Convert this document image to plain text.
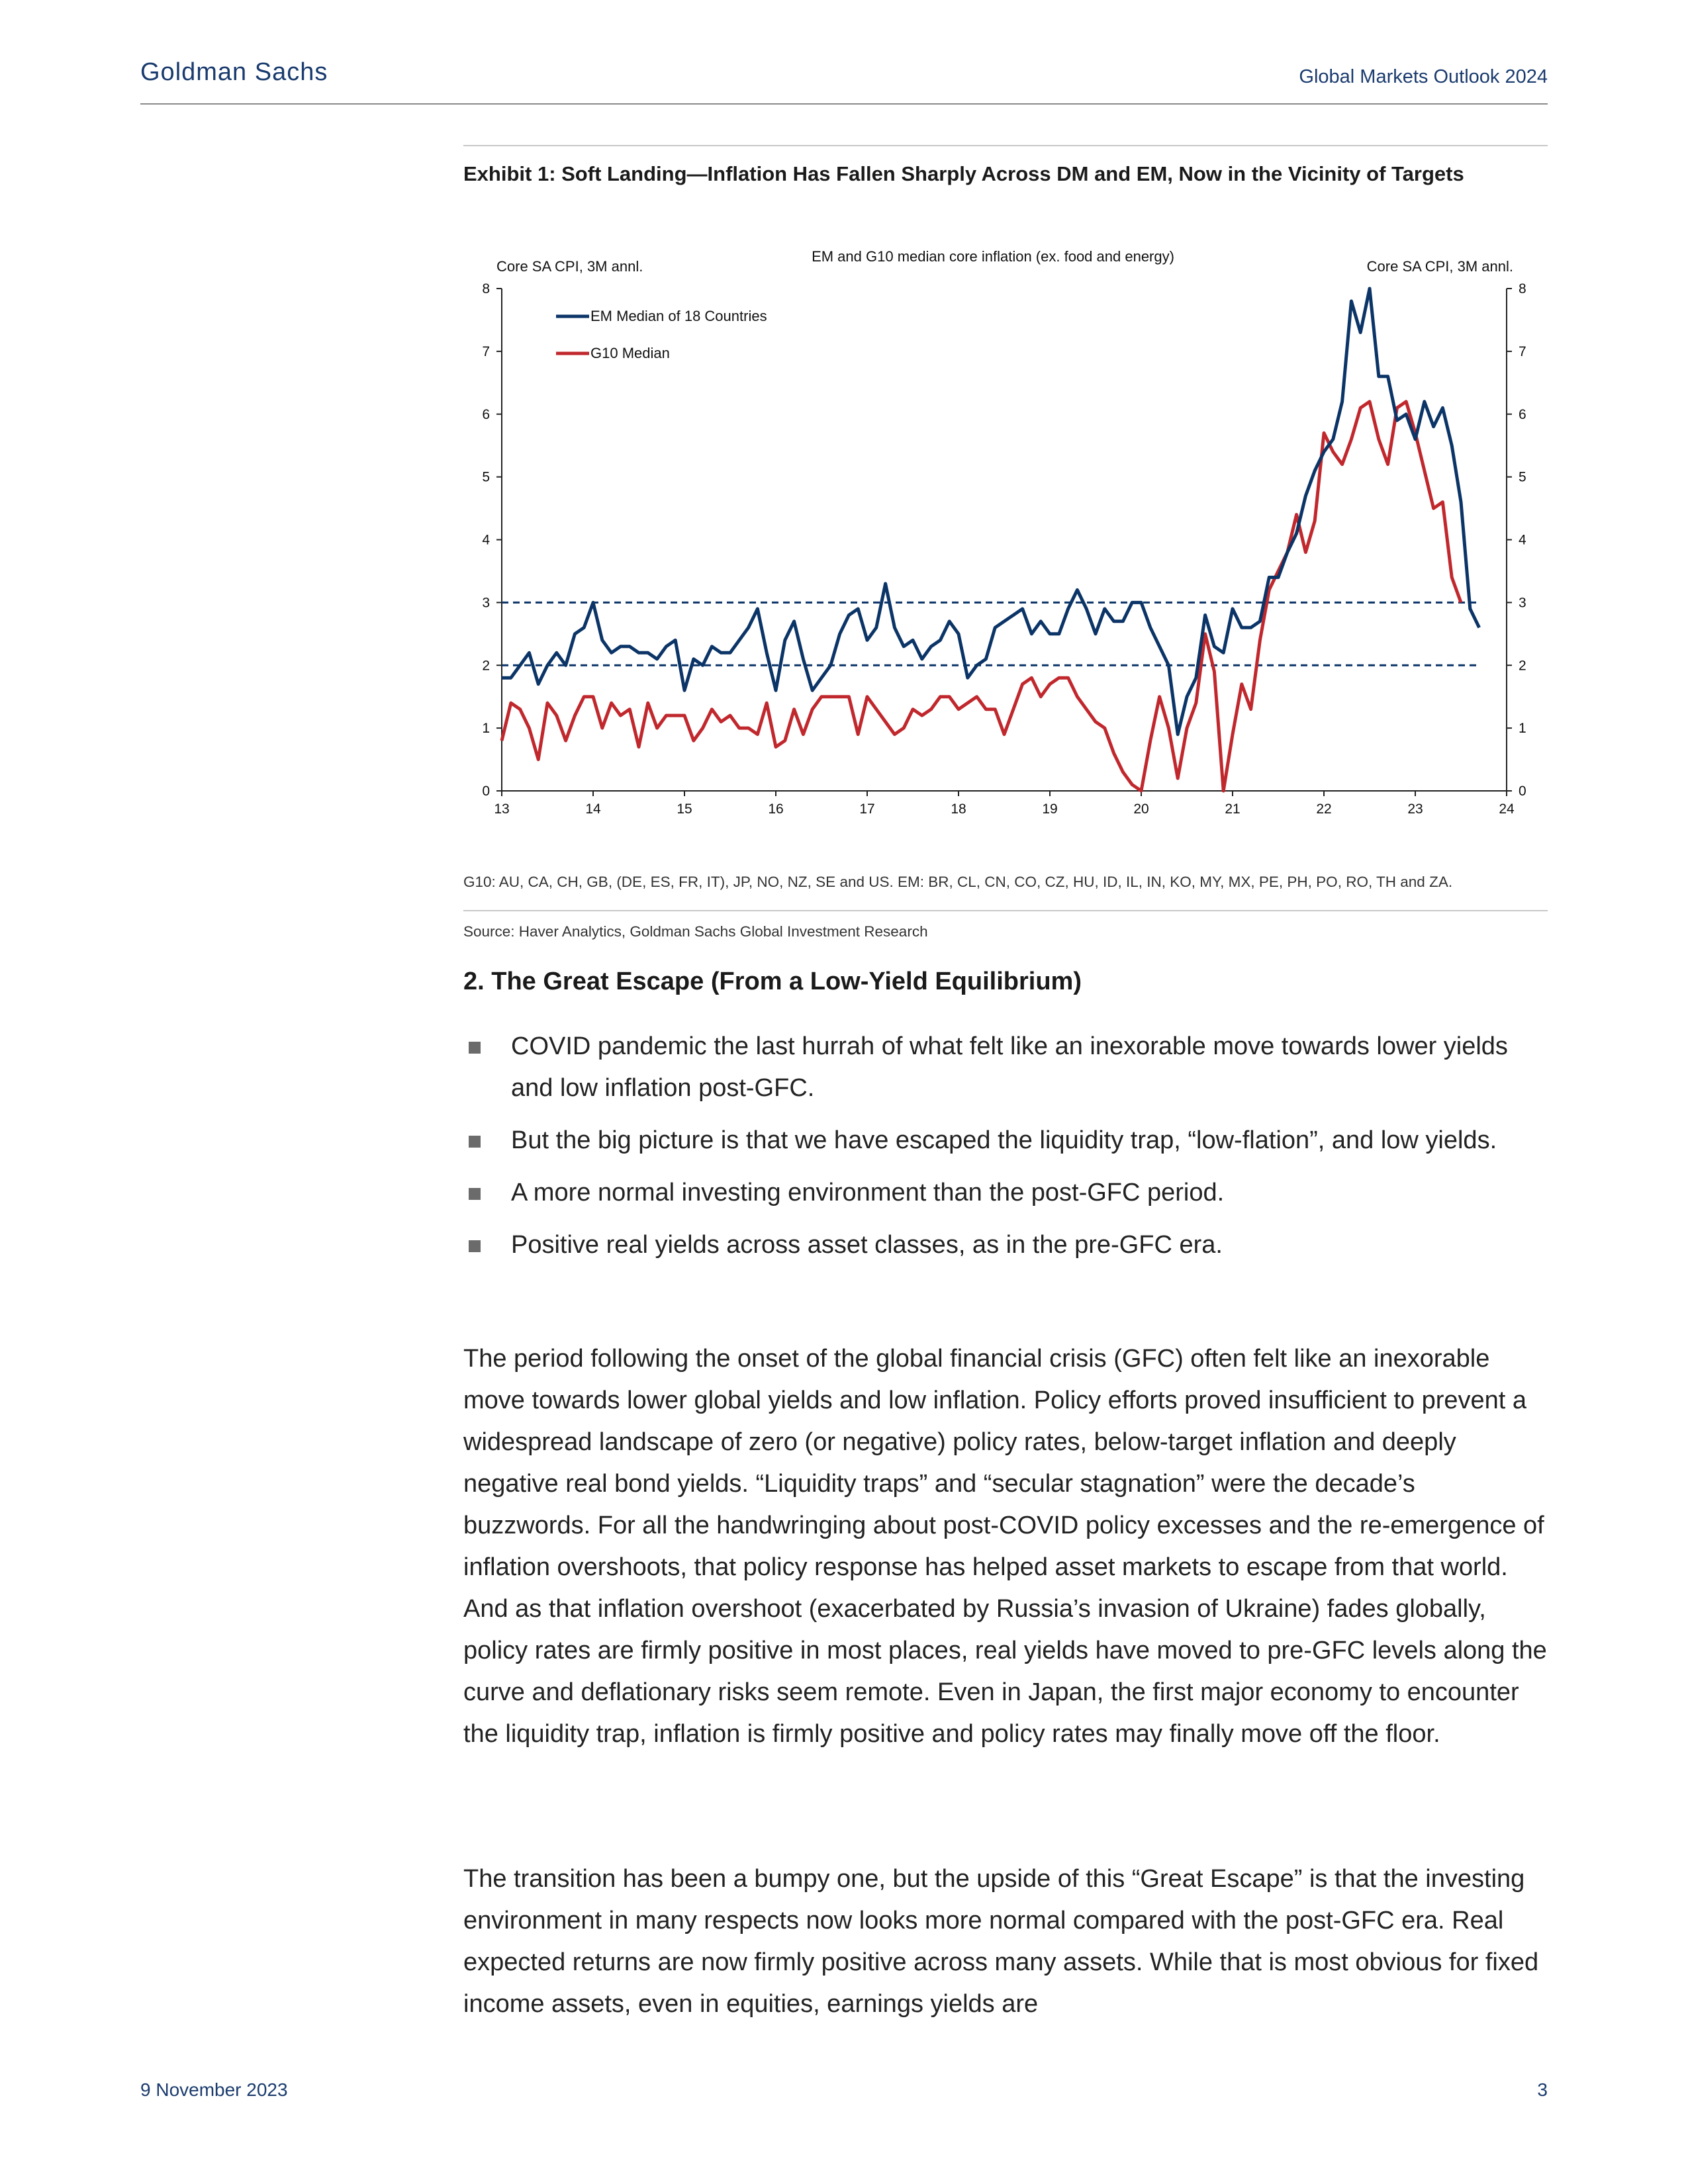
Goldman Sachs	Global Markets Outlook 2024
Exhibit 1: Soft Landing—Inflation Has Fallen Sharply Across DM and EM, Now in the Vicinity of Targets
EM and G10 median core inflation (ex. food and energy)
Core SA CPI, 3M annl.	Core SA CPI, 3M annl.
0	0
1	1
2	2
3	3
4	4
5	5
6	6
7	7
8	8
13	14	15	16	17	18	19	20	21	22	23	24
EM Median of 18 Countries
G10 Median
G10: AU, CA, CH, GB, (DE, ES, FR, IT), JP, NO, NZ, SE and US. EM: BR, CL, CN, CO, CZ, HU, ID, IL, IN, KO, MY, MX, PE, PH, PO, RO, TH and ZA.
Source: Haver Analytics, Goldman Sachs Global Investment Research
2. The Great Escape (From a Low-Yield Equilibrium)
COVID pandemic the last hurrah of what felt like an inexorable move towards lower yields and low inflation post-GFC.
But the big picture is that we have escaped the liquidity trap, “low-flation”, and low yields.
A more normal investing environment than the post-GFC period.
Positive real yields across asset classes, as in the pre-GFC era.

The period following the onset of the global financial crisis (GFC) often felt like an inexorable move towards lower global yields and low inflation. Policy efforts proved insufficient to prevent a widespread landscape of zero (or negative) policy rates, below-target inflation and deeply negative real bond yields. “Liquidity traps” and “secular stagnation” were the decade’s buzzwords. For all the handwringing about post-COVID policy excesses and the re-emergence of inflation overshoots, that policy response has helped asset markets to escape from that world. And as that inflation overshoot (exacerbated by Russia’s invasion of Ukraine) fades globally, policy rates are firmly positive in most places, real yields have moved to pre-GFC levels along the curve and deflationary risks seem remote. Even in Japan, the first major economy to encounter the liquidity trap, inflation is firmly positive and policy rates may finally move off the floor.

The transition has been a bumpy one, but the upside of this “Great Escape” is that the investing environment in many respects now looks more normal compared with the post-GFC era. Real expected returns are now firmly positive across many assets. While that is most obvious for fixed income assets, even in equities, earnings yields are

9 November 2023	3
